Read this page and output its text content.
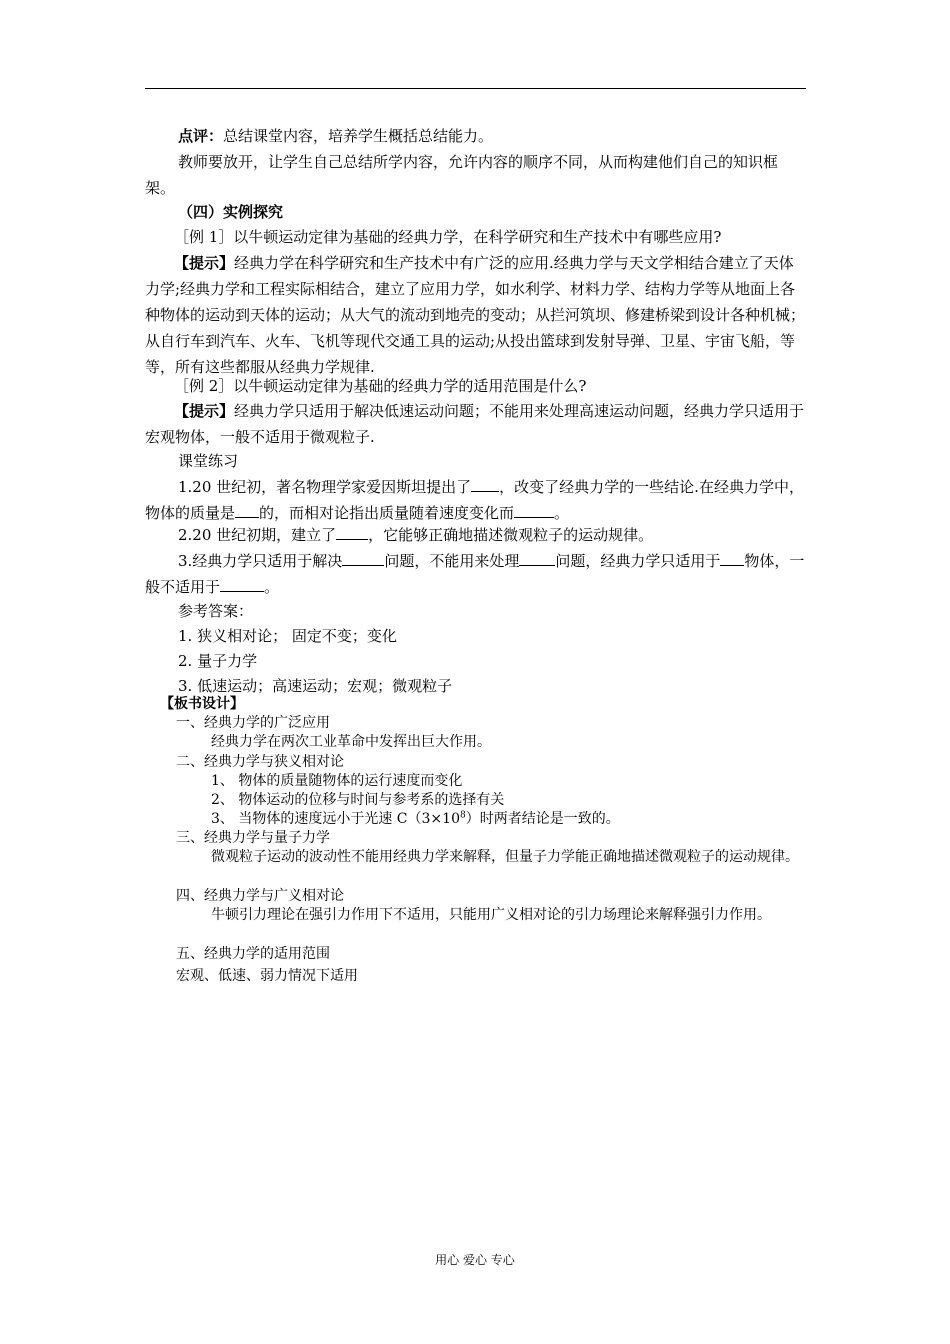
点评：总结课堂内容，培养学生概括总结能力。

教师要放开，让学生自己总结所学内容，允许内容的顺序不同，从而构建他们自己的知识框架。

（四）实例探究

［例 1］以牛顿运动定律为基础的经典力学，在科学研究和生产技术中有哪些应用?

【提示】经典力学在科学研究和生产技术中有广泛的应用.经典力学与天文学相结合建立了天体力学;经典力学和工程实际相结合，建立了应用力学，如水利学、材料力学、结构力学等从地面上各种物体的运动到天体的运动；从大气的流动到地壳的变动；从拦河筑坝、修建桥梁到设计各种机械；从自行车到汽车、火车、飞机等现代交通工具的运动;从投出篮球到发射导弹、卫星、宇宙飞船，等等，所有这些都服从经典力学规律.

［例 2］以牛顿运动定律为基础的经典力学的适用范围是什么?

【提示】经典力学只适用于解决低速运动问题；不能用来处理高速运动问题，经典力学只适用于宏观物体，一般不适用于微观粒子.

课堂练习

1.20 世纪初，著名物理学家爱因斯坦提出了 ，改变了经典力学的一些结论.在经典力学中，物体的质量是 的，而相对论指出质量随着速度变化而	。

2.20 世纪初期，建立了 ，它能够正确地描述微观粒子的运动规律。

3.经典力学只适用于解决	问题，不能用来处理 问题，经典力学只适用于 物体，一般不适用于	。

参考答案：

1. 狭义相对论； 固定不变；变化

2. 量子力学

3. 低速运动；高速运动；宏观；微观粒子

【板书设计】

一、经典力学的广泛应用

经典力学在两次工业革命中发挥出巨大作用。

二、经典力学与狭义相对论

1、 物体的质量随物体的运行速度而变化

2、 物体运动的位移与时间与参考系的选择有关

3、 当物体的速度远小于光速 $C(3\times 10^8)$时两者结论是一致的。

三、经典力学与量子力学

微观粒子运动的波动性不能用经典力学来解释，但量子力学能正确地描述微观粒子的运动规律。

四、经典力学与广义相对论

牛顿引力理论在强引力作用下不适用，只能用广义相对论的引力场理论来解释强引力作用。

五、经典力学的适用范围

宏观、低速、弱力情况下适用

用心 爱心 专心
